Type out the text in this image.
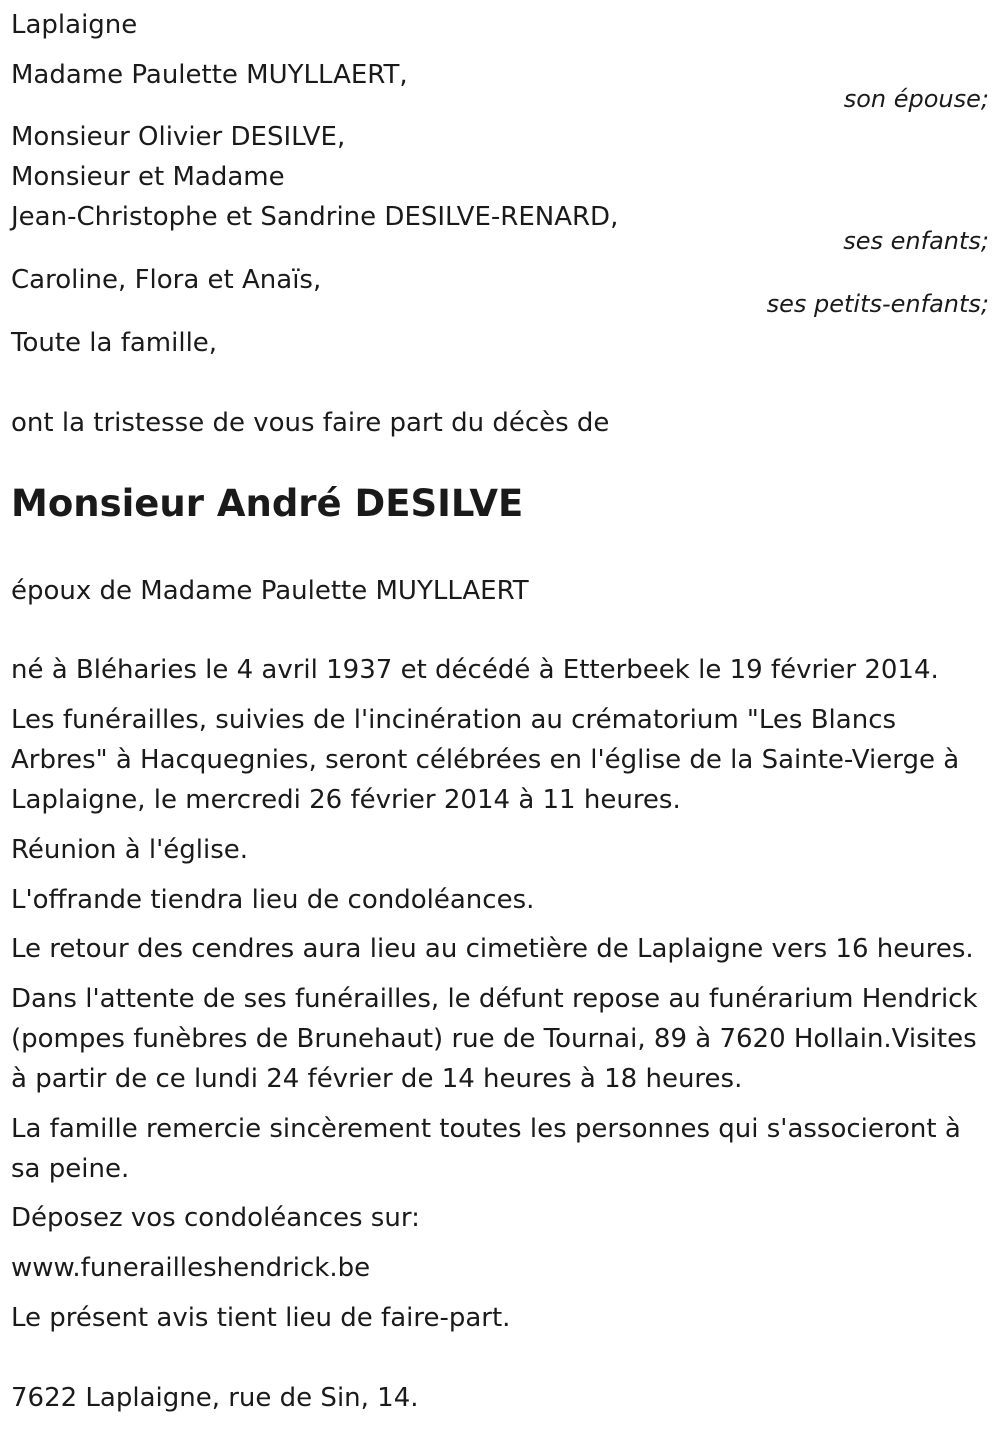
Laplaigne
Madame Paulette MUYLLAERT,
son épouse;
Monsieur Olivier DESILVE,
Monsieur et Madame
Jean-Christophe et Sandrine DESILVE-RENARD,
ses enfants;
Caroline, Flora et Anaïs,
ses petits-enfants;
Toute la famille,
ont la tristesse de vous faire part du décès de
Monsieur André DESILVE
époux de Madame Paulette MUYLLAERT
né à Bléharies le 4 avril 1937 et décédé à Etterbeek le 19 février 2014.
Les funérailles, suivies de l'incinération au crématorium "Les Blancs Arbres" à Hacquegnies, seront célébrées en l'église de la Sainte-Vierge à Laplaigne, le mercredi 26 février 2014 à 11 heures.
Réunion à l'église.
L'offrande tiendra lieu de condoléances.
Le retour des cendres aura lieu au cimetière de Laplaigne vers 16 heures.
Dans l'attente de ses funérailles, le défunt repose au funérarium Hendrick (pompes funèbres de Brunehaut) rue de Tournai, 89 à 7620 Hollain.Visites à partir de ce lundi 24 février de 14 heures à 18 heures.
La famille remercie sincèrement toutes les personnes qui s'associeront à sa peine.
Déposez vos condoléances sur:
www.funerailleshendrick.be
Le présent avis tient lieu de faire-part.
7622 Laplaigne, rue de Sin, 14.
